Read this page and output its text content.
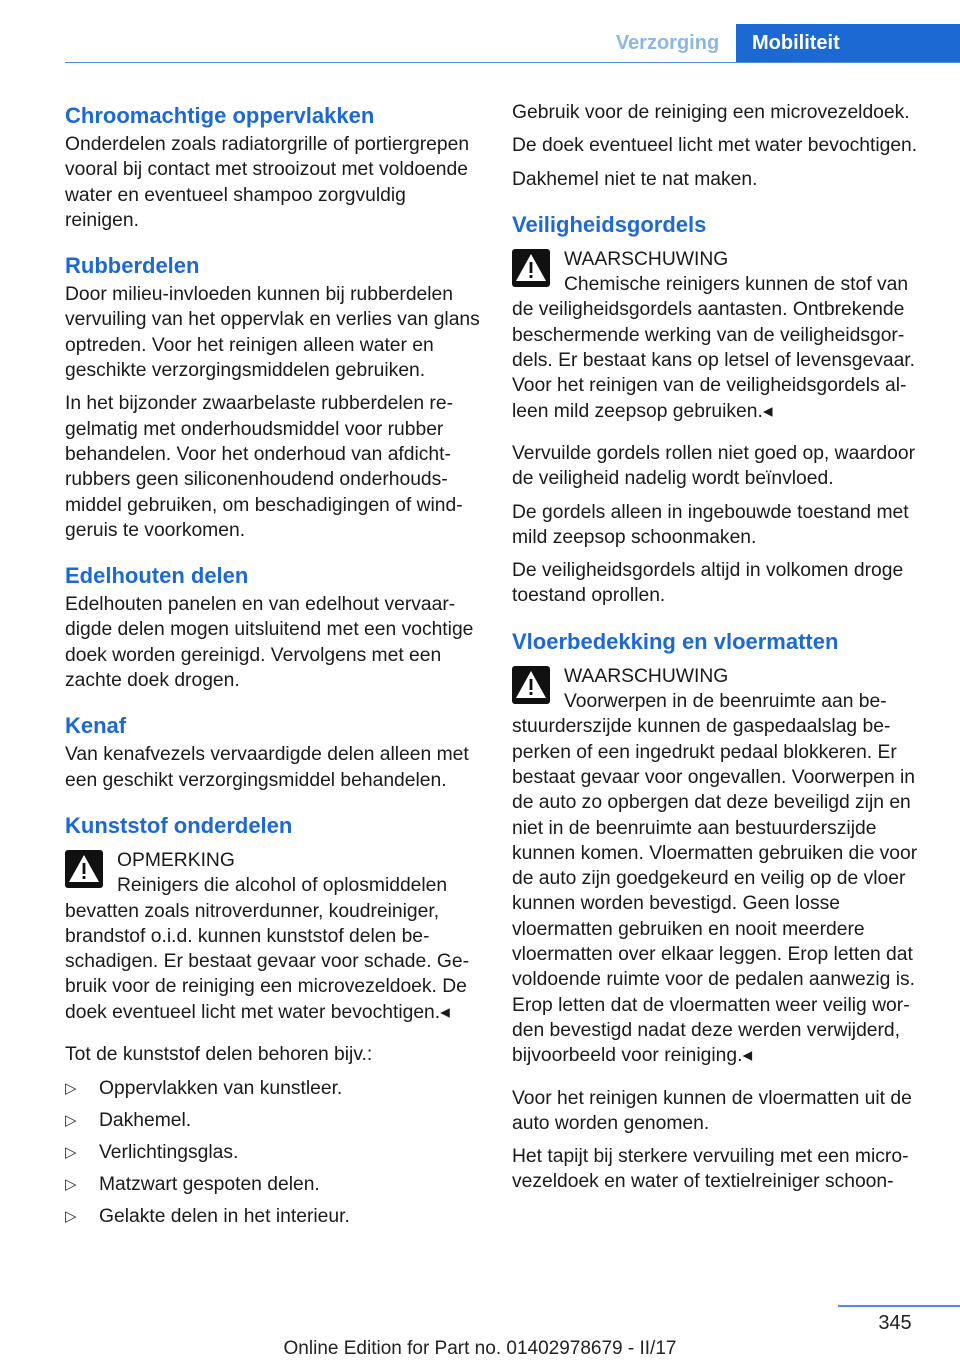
Verzorging	Mobiliteit
Chroomachtige oppervlakken

Onderdelen zoals radiatorgrille of portiergrepen vooral bij contact met strooizout met voldoende water en eventueel shampoo zorgvuldig reinigen.

Rubberdelen

Door milieu-invloeden kunnen bij rubberdelen vervuiling van het oppervlak en verlies van glans optreden. Voor het reinigen alleen water en geschikte verzorgingsmiddelen gebruiken.

In het bijzonder zwaarbelaste rubberdelen regelmatig met onderhoudsmiddel voor rubber behandelen. Voor het onderhoud van afdichtrubbers geen siliconenhoudend onderhoudsmiddel gebruiken, om beschadigingen of windgeruis te voorkomen.

Edelhouten delen

Edelhouten panelen en van edelhout vervaardigde delen mogen uitsluitend met een vochtige doek worden gereinigd. Vervolgens met een zachte doek drogen.

Kenaf

Van kenafvezels vervaardigde delen alleen met een geschikt verzorgingsmiddel behandelen.

Kunststof onderdelen
OPMERKING

Reinigers die alcohol of oplosmiddelen bevatten zoals nitroverdunner, koudreiniger, brandstof o.i.d. kunnen kunststof delen beschadigen. Er bestaat gevaar voor schade. Gebruik voor de reiniging een microvezeldoek. De doek eventueel licht met water bevochtigen.◂

Tot de kunststof delen behoren bijv.:

▷ Oppervlakken van kunstleer.
▷ Dakhemel.
▷ Verlichtingsglas.
▷ Matzwart gespoten delen.
▷ Gelakte delen in het interieur.

Gebruik voor de reiniging een microvezeldoek.

De doek eventueel licht met water bevochtigen.

Dakhemel niet te nat maken.

Veiligheidsgordels
WAARSCHUWING

Chemische reinigers kunnen de stof van de veiligheidsgordels aantasten. Ontbrekende beschermende werking van de veiligheidsgordels. Er bestaat kans op letsel of levensgevaar. Voor het reinigen van de veiligheidsgordels alleen mild zeepsop gebruiken.◂

Vervuilde gordels rollen niet goed op, waardoor de veiligheid nadelig wordt beïnvloed.

De gordels alleen in ingebouwde toestand met mild zeepsop schoonmaken.

De veiligheidsgordels altijd in volkomen droge toestand oprollen.

Vloerbedekking en vloermatten
WAARSCHUWING

Voorwerpen in de beenruimte aan bestuurderszijde kunnen de gaspedaalslag beperken of een ingedrukt pedaal blokkeren. Er bestaat gevaar voor ongevallen. Voorwerpen in de auto zo opbergen dat deze beveiligd zijn en niet in de beenruimte aan bestuurderszijde kunnen komen. Vloermatten gebruiken die voor de auto zijn goedgekeurd en veilig op de vloer kunnen worden bevestigd. Geen losse vloermatten gebruiken en nooit meerdere vloermatten over elkaar leggen. Erop letten dat voldoende ruimte voor de pedalen aanwezig is. Erop letten dat de vloermatten weer veilig worden bevestigd nadat deze werden verwijderd, bijvoorbeeld voor reiniging.◂

Voor het reinigen kunnen de vloermatten uit de auto worden genomen.

Het tapijt bij sterkere vervuiling met een microvezeldoek en water of textielreiniger schoon-

345
Online Edition for Part no. 01402978679 - II/17
